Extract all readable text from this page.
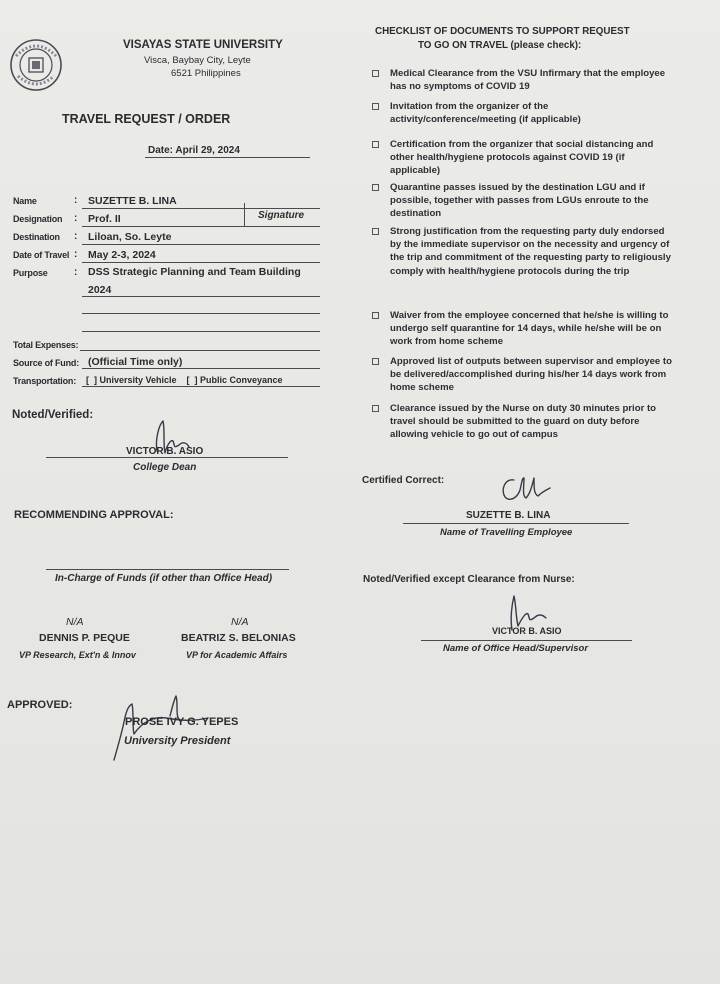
VISAYAS STATE UNIVERSITY
Visca, Baybay City, Leyte
6521 Philippines
TRAVEL REQUEST / ORDER
Date: April 29, 2024
Name	: SUZETTE B. LINA
Designation : Prof. II	Signature
Destination : Liloan, So. Leyte
Date of Travel : May 2-3, 2024
Purpose	: DSS Strategic Planning and Team Building
2024
Total Expenses:
Source of Fund: (Official Time only)
Transportation: [  ] University Vehicle    [  ] Public Conveyance
Noted/Verified:
VICTOR B. ASIO
College Dean
RECOMMENDING APPROVAL:
In-Charge of Funds (if other than Office Head)
N/A
DENNIS P. PEQUE
VP Research, Ext'n & Innov
N/A
BEATRIZ S. BELONIAS
VP for Academic Affairs
APPROVED:
PROSE IVY G. YEPES
University President
CHECKLIST OF DOCUMENTS TO SUPPORT REQUEST
TO GO ON TRAVEL (please check):
Medical Clearance from the VSU Infirmary that the employee has no symptoms of COVID 19
Invitation from the organizer of the activity/conference/meeting (if applicable)
Certification from the organizer that social distancing and other health/hygiene protocols against COVID 19 (if applicable)
Quarantine passes issued by the destination LGU and if possible, together with passes from LGUs enroute to the destination
Strong justification from the requesting party duly endorsed by the immediate supervisor on the necessity and urgency of the trip and commitment of the requesting party to religiously comply with health/hygiene protocols during the trip
Waiver from the employee concerned that he/she is willing to undergo self quarantine for 14 days, while he/she will be on work from home scheme
Approved list of outputs between supervisor and employee to be delivered/accomplished during his/her 14 days work from home scheme
Clearance issued by the Nurse on duty 30 minutes prior to travel should be submitted to the guard on duty before allowing vehicle to go out of campus
Certified Correct:
SUZETTE B. LINA
Name of Travelling Employee
Noted/Verified except Clearance from Nurse:
VICTOR B. ASIO
Name of Office Head/Supervisor
